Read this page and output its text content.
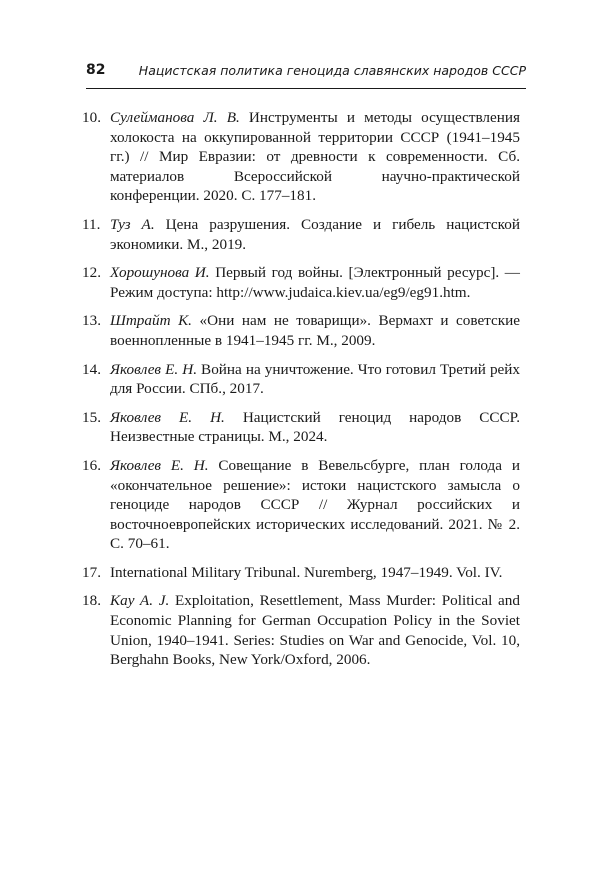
82	Нацистская политика геноцида славянских народов СССР
10. Сулейманова Л. В. Инструменты и методы осуществления холокоста на оккупированной территории СССР (1941–1945 гг.) // Мир Евразии: от древности к современности. Сб. материалов Всероссийской научно-практической конференции. 2020. С. 177–181.
11. Туз А. Цена разрушения. Создание и гибель нацистской экономики. М., 2019.
12. Хорошунова И. Первый год войны. [Электронный ресурс]. — Режим доступа: http://www.judaica.kiev.ua/eg9/eg91.htm.
13. Штрайт К. «Они нам не товарищи». Вермахт и советские военнопленные в 1941–1945 гг. М., 2009.
14. Яковлев Е. Н. Война на уничтожение. Что готовил Третий рейх для России. СПб., 2017.
15. Яковлев Е. Н. Нацистский геноцид народов СССР. Неизвестные страницы. М., 2024.
16. Яковлев Е. Н. Совещание в Вевельсбурге, план голода и «окончательное решение»: истоки нацистского замысла о геноциде народов СССР // Журнал российских и восточноевропейских исторических исследований. 2021. № 2. С. 70–61.
17. International Military Tribunal. Nuremberg, 1947–1949. Vol. IV.
18. Kay A. J. Exploitation, Resettlement, Mass Murder: Political and Economic Planning for German Occupation Policy in the Soviet Union, 1940–1941. Series: Studies on War and Genocide, Vol. 10, Berghahn Books, New York/Oxford, 2006.
